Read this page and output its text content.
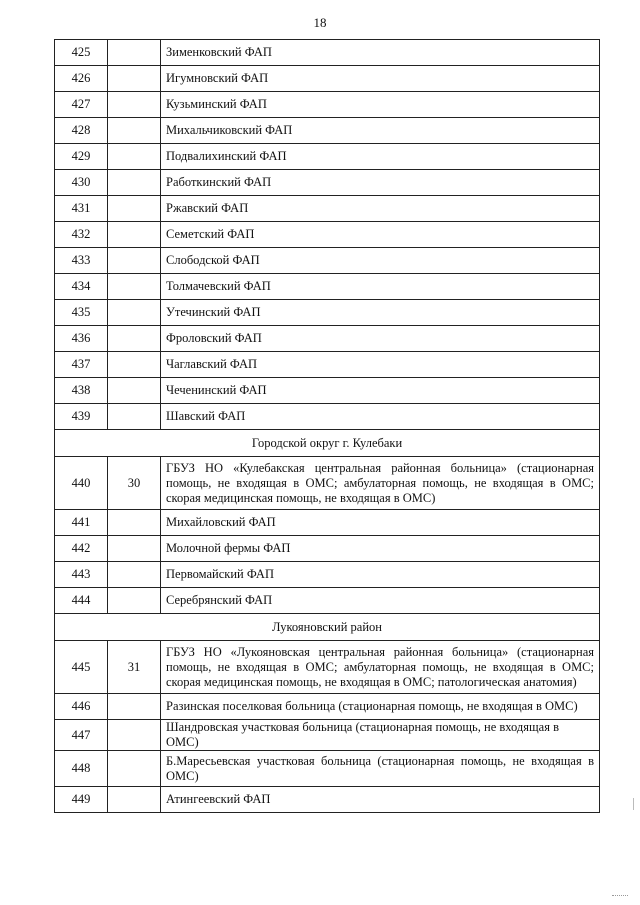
18
425		Зименковский ФАП
426		Игумновский ФАП
427		Кузьминский ФАП
428		Михальчиковский ФАП
429		Подвалихинский ФАП
430		Работкинский ФАП
431		Ржавский ФАП
432		Семетский ФАП
433		Слободской ФАП
434		Толмачевский ФАП
435		Утечинский ФАП
436		Фроловский ФАП
437		Чаглавский ФАП
438		Чеченинский ФАП
439		Шавский ФАП
Городской округ г. Кулебаки		
440	30	ГБУЗ НО «Кулебакская центральная районная больница» (стационарная помощь, не входящая в ОМС; амбулаторная помощь, не входящая в ОМС; скорая медицинская помощь, не входящая в ОМС)
441		Михайловский ФАП
442		Молочной фермы ФАП
443		Первомайский ФАП
444		Серебрянский ФАП
Лукояновский район		
445	31	ГБУЗ НО «Лукояновская центральная районная больница» (стационарная помощь, не входящая в ОМС; амбулаторная помощь, не входящая в ОМС; скорая медицинская помощь, не входящая в ОМС; патологическая анатомия)
446		Разинская поселковая больница (стационарная помощь, не входящая в ОМС)
447		Шандровская участковая больница (стационарная помощь, не входящая в ОМС)
448		Б.Маресьевская участковая больница (стационарная помощь, не входящая в ОМС)
449		Атингеевский ФАП
